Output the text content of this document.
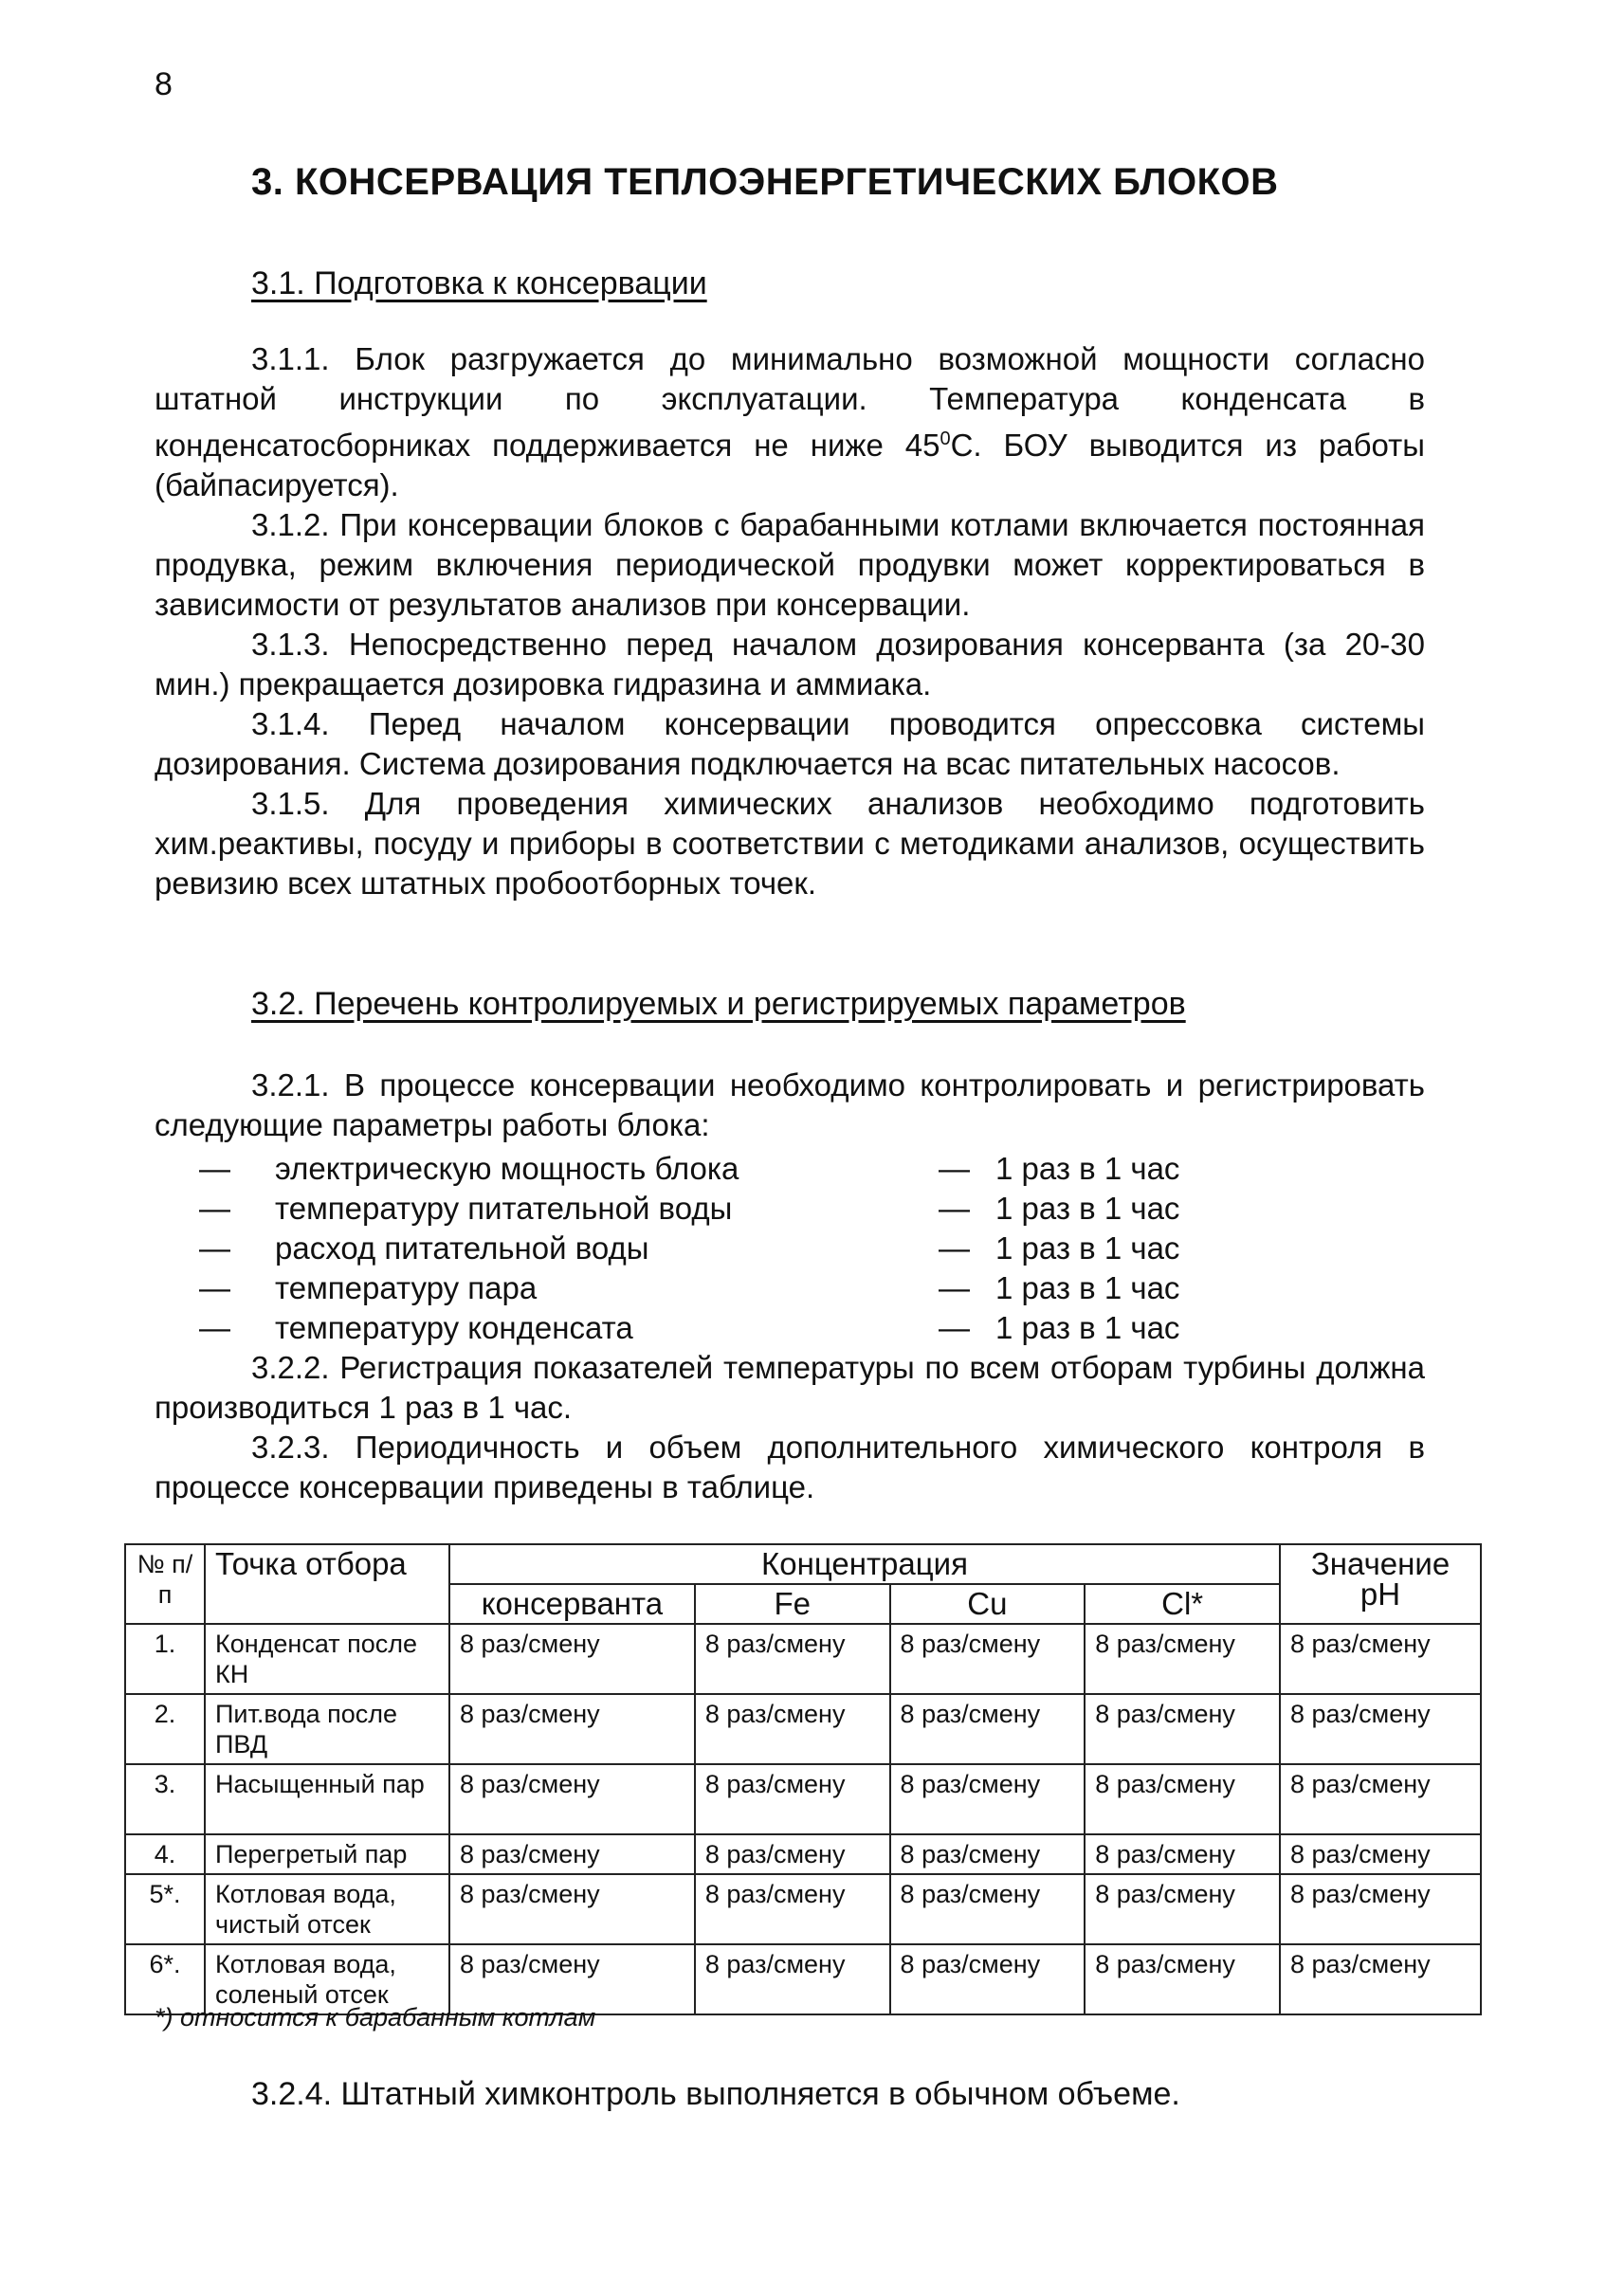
8
3. КОНСЕРВАЦИЯ ТЕПЛОЭНЕРГЕТИЧЕСКИХ БЛОКОВ
3.1. Подготовка к консервации

3.1.1. Блок разгружается до минимально возможной мощности согласно штатной инструкции по эксплуатации. Температура конденсата в конденсатосборниках поддерживается не ниже $45^0С$. БОУ выводится из работы (байпасируется).

3.1.2. При консервации блоков с барабанными котлами включается постоянная продувка, режим включения периодической продувки может корректироваться в зависимости от результатов анализов при консервации.

3.1.3. Непосредственно перед началом дозирования консерванта (за 20-30 мин.) прекращается дозировка гидразина и аммиака.

3.1.4. Перед началом консервации проводится опрессовка системы дозирования. Система дозирования подключается на всас питательных насосов.

3.1.5. Для проведения химических анализов необходимо подготовить хим.реактивы, посуду и приборы в соответствии с методиками анализов, осуществить ревизию всех штатных пробоотборных точек.

3.2. Перечень контролируемых и регистрируемых параметров

3.2.1. В процессе консервации необходимо контролировать и регистрировать следующие параметры работы блока:

—	электрическую мощность блока	— 1 раз в 1 час
—	температуру питательной воды	— 1 раз в 1 час
—	расход питательной воды	— 1 раз в 1 час
—	температуру пара	— 1 раз в 1 час
—	температуру конденсата	— 1 раз в 1 час

3.2.2. Регистрация показателей температуры по всем отборам турбины должна производиться 1 раз в 1 час.

3.2.3. Периодичность и объем дополнительного химического контроля в процессе консервации приведены в таблице.

№ п/п	Точка отбора	Концентрация				Значение pH
		консерванта	Fe	Cu	Cl*	
1.	Конденсат после КН	8 раз/смену	8 раз/смену	8 раз/смену	8 раз/смену	8 раз/смену
2.	Пит.вода после ПВД	8 раз/смену	8 раз/смену	8 раз/смену	8 раз/смену	8 раз/смену
3.	Насыщенный пар	8 раз/смену	8 раз/смену	8 раз/смену	8 раз/смену	8 раз/смену
4.	Перегретый пар	8 раз/смену	8 раз/смену	8 раз/смену	8 раз/смену	8 раз/смену
5*.	Котловая вода, чистый отсек	8 раз/смену	8 раз/смену	8 раз/смену	8 раз/смену	8 раз/смену
6*.	Котловая вода, соленый отсек	8 раз/смену	8 раз/смену	8 раз/смену	8 раз/смену	8 раз/смену
*) относится к барабанным котлам
3.2.4. Штатный химконтроль выполняется в обычном объеме.
